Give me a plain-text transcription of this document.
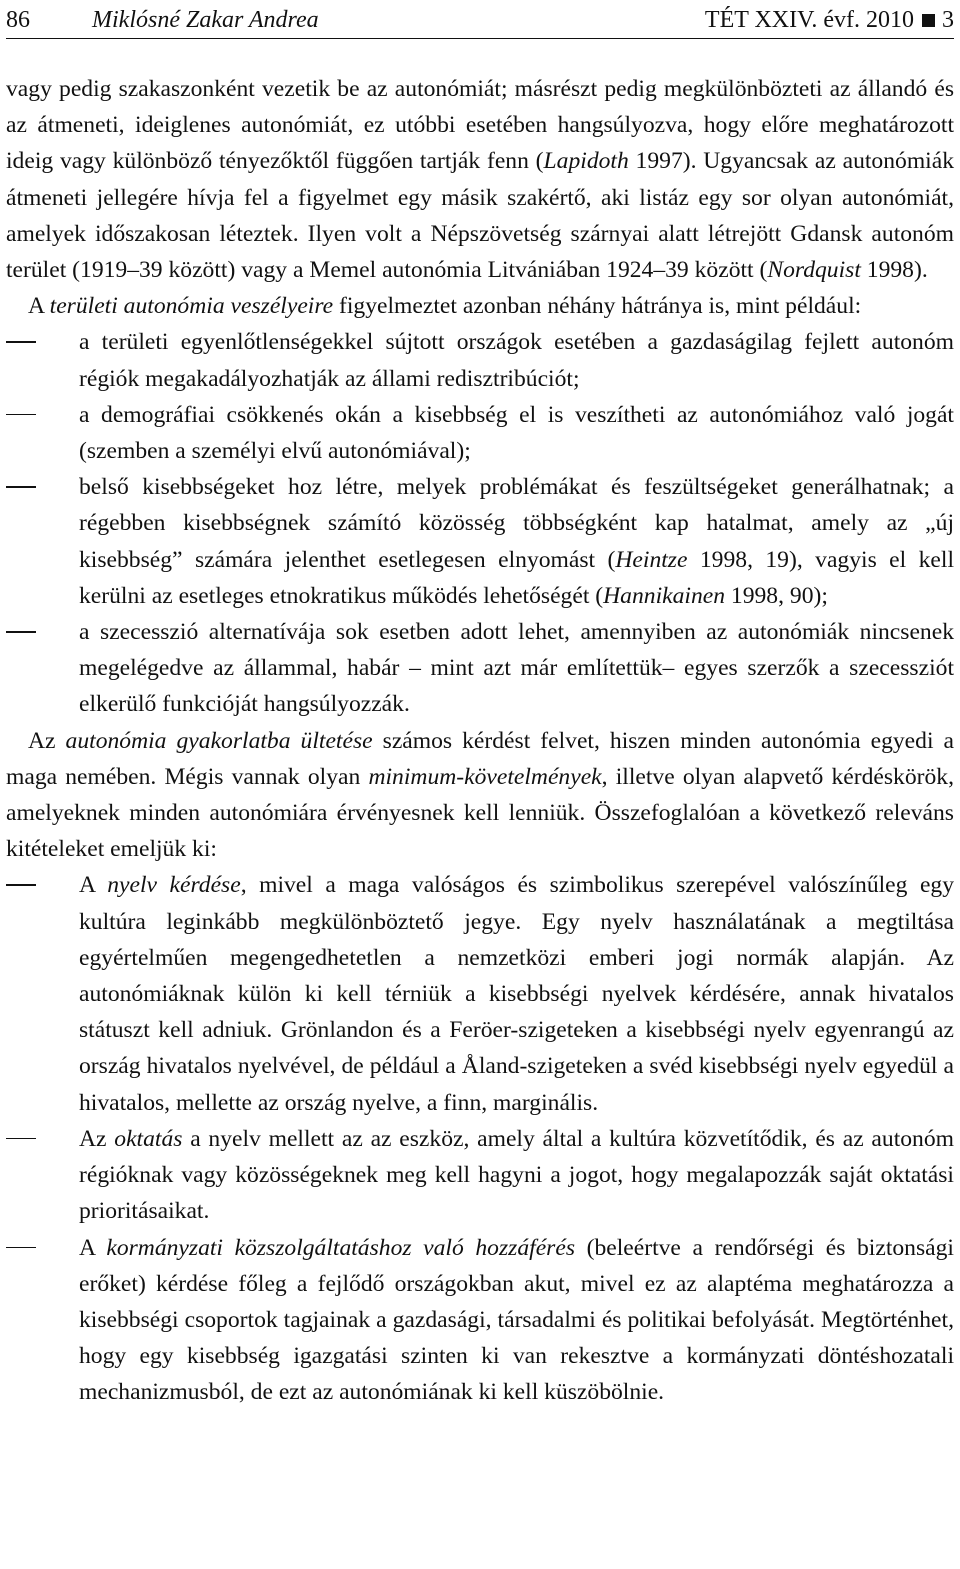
86	Miklósné Zakar Andrea	TÉT XXIV. évf. 2010 3

vagy pedig szakaszonként vezetik be az autonómiát; másrészt pedig megkülönbözteti az állandó és az átmeneti, ideiglenes autonómiát, ez utóbbi esetében hangsúlyozva, hogy előre meghatározott ideig vagy különböző tényezőktől függően tartják fenn (Lapidoth 1997). Ugyancsak az autonómiák átmeneti jellegére hívja fel a figyelmet egy másik szakértő, aki listáz egy sor olyan autonómiát, amelyek időszakosan léteztek. Ilyen volt a Népszövetség szárnyai alatt létrejött Gdansk autonóm terület (1919–39 között) vagy a Memel autonómia Litvániában 1924–39 között (Nordquist 1998).

A területi autonómia veszélyeire figyelmeztet azonban néhány hátránya is, mint például:

a területi egyenlőtlenségekkel sújtott országok esetében a gazdaságilag fejlett autonóm régiók megakadályozhatják az állami redisztribúciót;
a demográfiai csökkenés okán a kisebbség el is veszítheti az autonómiához való jogát (szemben a személyi elvű autonómiával);
belső kisebbségeket hoz létre, melyek problémákat és feszültségeket generálhatnak; a régebben kisebbségnek számító közösség többségként kap hatalmat, amely az „új kisebbség” számára jelenthet esetlegesen elnyomást (Heintze 1998, 19), vagyis el kell kerülni az esetleges etnokratikus működés lehetőségét (Hannikainen 1998, 90);
a szecesszió alternatívája sok esetben adott lehet, amennyiben az autonómiák nincsenek megelégedve az állammal, habár – mint azt már említettük– egyes szerzők a szecessziót elkerülő funkcióját hangsúlyozzák.

Az autonómia gyakorlatba ültetése számos kérdést felvet, hiszen minden autonómia egyedi a maga nemében. Mégis vannak olyan minimum-követelmények, illetve olyan alapvető kérdéskörök, amelyeknek minden autonómiára érvényesnek kell lenniük. Összefoglalóan a következő releváns kitételeket emeljük ki:

A nyelv kérdése, mivel a maga valóságos és szimbolikus szerepével valószínűleg egy kultúra leginkább megkülönböztető jegye. Egy nyelv használatának a megtiltása egyértelműen megengedhetetlen a nemzetközi emberi jogi normák alapján. Az autonómiáknak külön ki kell térniük a kisebbségi nyelvek kérdésére, annak hivatalos státuszt kell adniuk. Grönlandon és a Feröer-szigeteken a kisebbségi nyelv egyenrangú az ország hivatalos nyelvével, de például a Åland-szigeteken a svéd kisebbségi nyelv egyedül a hivatalos, mellette az ország nyelve, a finn, marginális.
Az oktatás a nyelv mellett az az eszköz, amely által a kultúra közvetítődik, és az autonóm régióknak vagy közösségeknek meg kell hagyni a jogot, hogy megalapozzák saját oktatási prioritásaikat.
A kormányzati közszolgáltatáshoz való hozzáférés (beleértve a rendőrségi és biztonsági erőket) kérdése főleg a fejlődő országokban akut, mivel ez az alaptéma meghatározza a kisebbségi csoportok tagjainak a gazdasági, társadalmi és politikai befolyását. Megtörténhet, hogy egy kisebbség igazgatási szinten ki van rekesztve a kormányzati döntéshozatali mechanizmusból, de ezt az autonómiának ki kell küszöbölnie.
